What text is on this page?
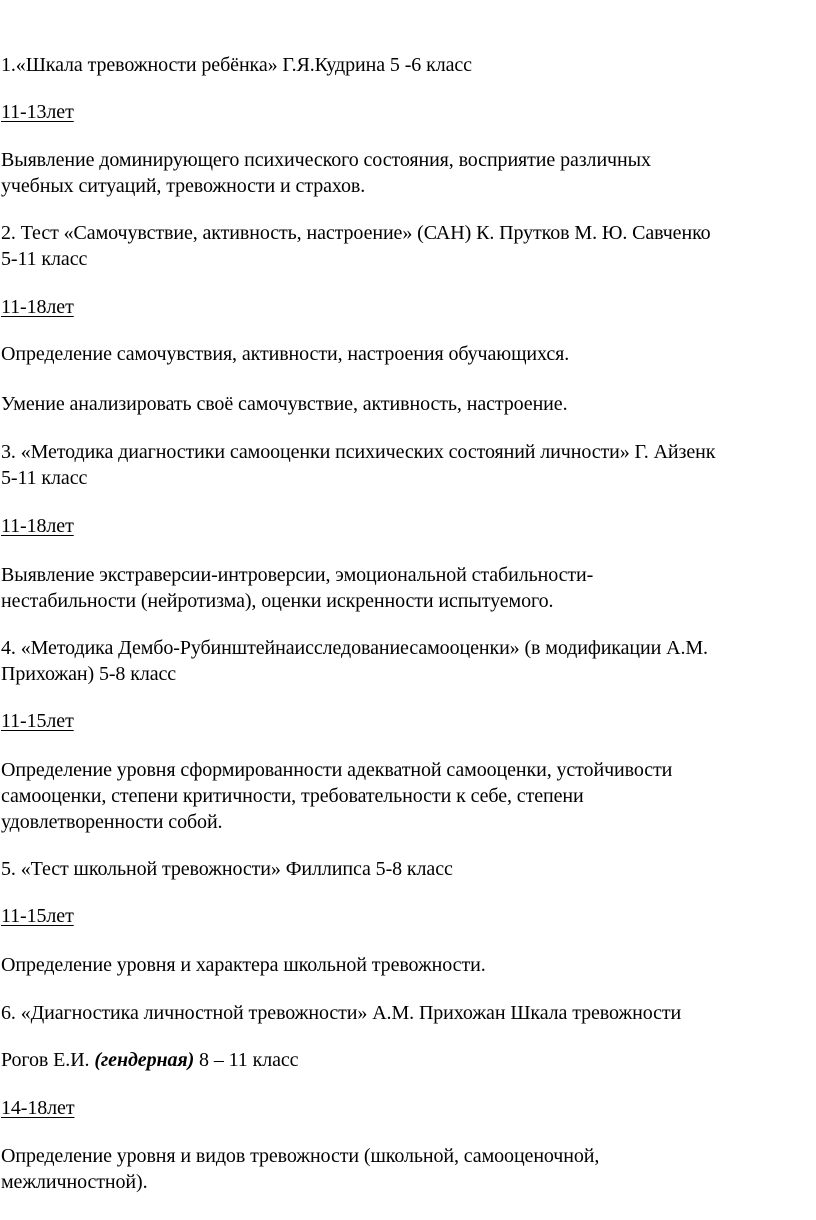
1.«Шкала тревожности ребёнка» Г.Я.Кудрина 5 -6 класс
11-13лет
Выявление доминирующего психического состояния, восприятие различных
учебных ситуаций, тревожности и страхов.
2. Тест «Самочувствие, активность, настроение» (САН) К. Прутков М. Ю. Савченко
5-11 класс
11-18лет
Определение самочувствия, активности, настроения обучающихся.
Умение анализировать своё самочувствие, активность, настроение.
3. «Методика диагностики самооценки психических состояний личности» Г. Айзенк
5-11 класс
11-18лет
Выявление экстраверсии-интроверсии, эмоциональной стабильности-
нестабильности (нейротизма), оценки искренности испытуемого.
4. «Методика Дембо-Рубинштейнаисследованиесамооценки» (в модификации А.М.
Прихожан) 5-8 класс
11-15лет
Определение уровня сформированности адекватной самооценки, устойчивости
самооценки, степени критичности, требовательности к себе, степени
удовлетворенности собой.
5. «Тест школьной тревожности» Филлипса 5-8 класс
11-15лет
Определение уровня и характера школьной тревожности.
6. «Диагностика личностной тревожности» А.М. Прихожан Шкала тревожности
Рогов Е.И. (гендерная) 8 – 11 класс
14-18лет
Определение уровня и видов тревожности (школьной, самооценочной,
межличностной).
